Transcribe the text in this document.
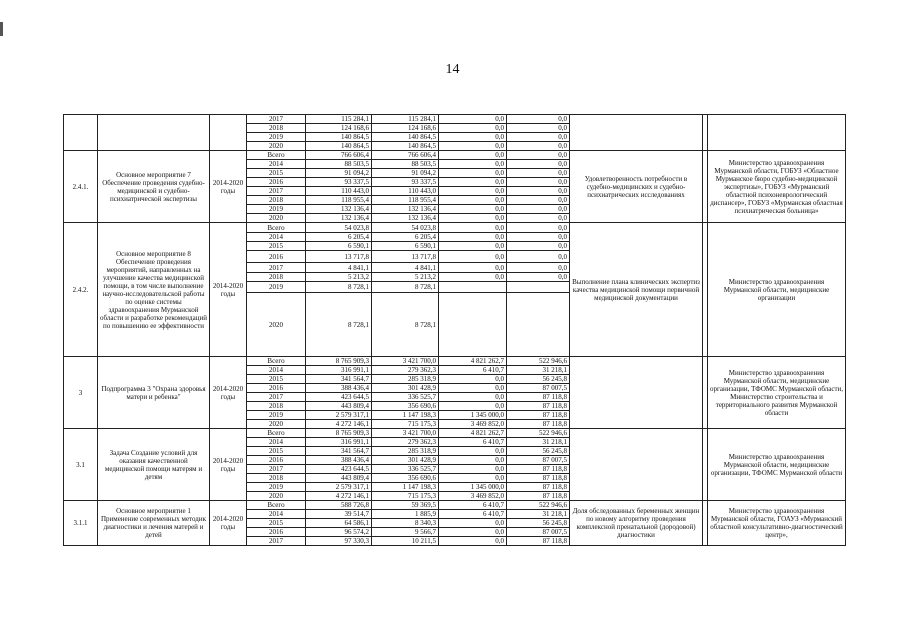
14
			2017	115 284,1	115 284,1	0,0	0,0			
			2018	124 168,6	124 168,6	0,0	0,0			
			2019	140 864,5	140 864,5	0,0	0,0			
			2020	140 864,5	140 864,5	0,0	0,0			
2.4.1.	Основное мероприятие 7 Обеспечение проведения судебно-медицинской и судебно-психиатрической экспертизы	2014-2020 годы	Всего	766 606,4	766 606,4	0,0	0,0	Удовлетворенность потребности в судебно-медицинских и судебно-психиатрических исследованиях		Министерство здравоохранения Мурманской области, ГОБУЗ «Областное Мурманское бюро судебно-медицинской экспертизы», ГОБУЗ «Мурманский областной психоневрологический диспансер», ГОБУЗ «Мурманская областная психиатрическая больница»
			2014	88 503,5	88 503,5	0,0	0,0			
			2015	91 094,2	91 094,2	0,0	0,0			
			2016	93 337,5	93 337,5	0,0	0,0			
			2017	110 443,0	110 443,0	0,0	0,0			
			2018	118 955,4	118 955,4	0,0	0,0			
			2019	132 136,4	132 136,4	0,0	0,0			
			2020	132 136,4	132 136,4	0,0	0,0			
2.4.2.	Основное мероприятие 8 Обеспечение проведения мероприятий, направленных на улучшение качества медицинской помощи, в том числе выполнение научно-исследовательской работы по оценке системы здравоохранения Мурманской области и разработке рекомендаций по повышению ее эффективности	2014-2020 годы	Всего	54 023,8	54 023,8	0,0	0,0	Выполнение плана клинических экспертиз качества медицинской помощи первичной медицинской документации		Министерство здравоохранения Мурманской области, медицинские организации
			2014	6 205,4	6 205,4	0,0	0,0			
			2015	6 590,1	6 590,1	0,0	0,0			
			2016	13 717,8	13 717,8	0,0	0,0			
			2017	4 841,1	4 841,1	0,0	0,0			
			2018	5 213,2	5 213,2	0,0	0,0			
			2019	8 728,1	8 728,1					
			2020	8 728,1	8 728,1					
3	Подпрограмма 3 "Охрана здоровья матери и ребенка"	2014-2020 годы	Всего	8 765 909,3	3 421 700,0	4 821 262,7	522 946,6			Министерство здравоохранения Мурманской области, медицинские организации, ТФОМС Мурманской области, Министерство строительства и территориального развития Мурманской области
			2014	316 991,1	279 362,3	6 410,7	31 218,1			
			2015	341 564,7	285 318,9	0,0	56 245,8			
			2016	388 436,4	301 428,9	0,0	87 007,5			
			2017	423 644,5	336 525,7	0,0	87 118,8			
			2018	443 809,4	356 690,6	0,0	87 118,8			
			2019	2 579 317,1	1 147 198,3	1 345 000,0	87 118,8			
			2020	4 272 146,1	715 175,3	3 469 852,0	87 118,8			
3.1	Задача Создание условий для оказания качественной медицинской помощи матерям и детям	2014-2020 годы	Всего	8 765 909,3	3 421 700,0	4 821 262,7	522 946,6			Министерство здравоохранения Мурманской области, медицинские организации, ТФОМС Мурманской области
			2014	316 991,1	279 362,3	6 410,7	31 218,1			
			2015	341 564,7	285 318,9	0,0	56 245,8			
			2016	388 436,4	301 428,9	0,0	87 007,5			
			2017	423 644,5	336 525,7	0,0	87 118,8			
			2018	443 809,4	356 690,6	0,0	87 118,8			
			2019	2 579 317,1	1 147 198,3	1 345 000,0	87 118,8			
			2020	4 272 146,1	715 175,3	3 469 852,0	87 118,8			
3.1.1	Основное мероприятие 1 Применение современных методик диагностики и лечения матерей и детей	2014-2020 годы	Всего	588 726,8	59 369,5	6 410,7	522 946,6	Доля обследованных беременных женщин по новому алгоритму проведения комплексной пренатальной (дородовой) диагностики		Министерство здравоохранения Мурманской области, ГОАУЗ «Мурманский областной консультативно-диагностический центр»,
			2014	39 514,7	1 885,9	6 410,7	31 218,1			
			2015	64 586,1	8 340,3	0,0	56 245,8			
			2016	96 574,2	9 566,7	0,0	87 007,5			
			2017	97 330,3	10 211,5	0,0	87 118,8			
